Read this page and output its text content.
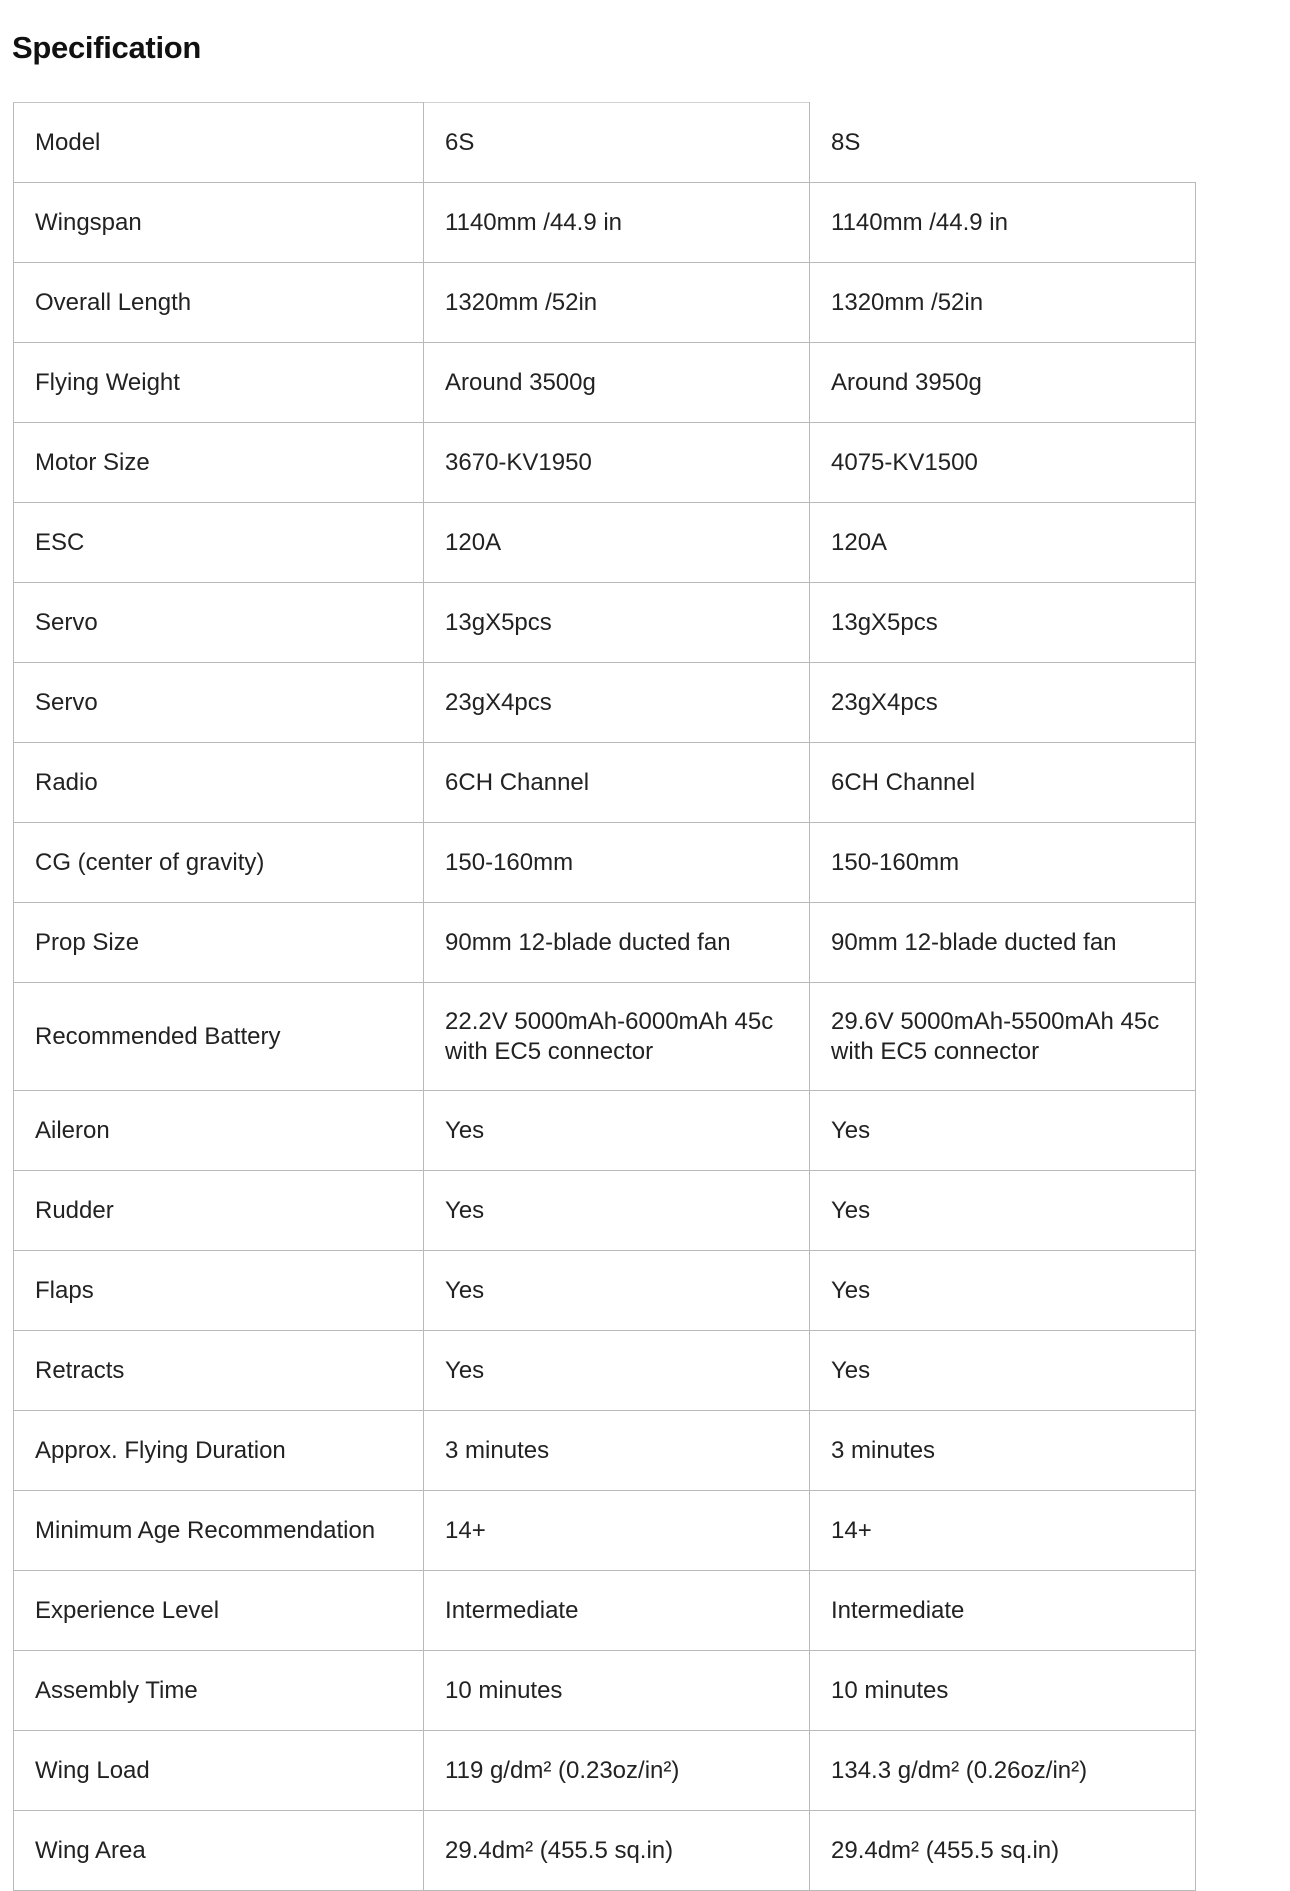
Specification
Model	6S	8S
Wingspan	1140mm /44.9 in	1140mm /44.9 in
Overall Length	1320mm /52in	1320mm /52in
Flying Weight	Around 3500g	Around 3950g
Motor Size	3670-KV1950	4075-KV1500
ESC	120A	120A
Servo	13gX5pcs	13gX5pcs
Servo	23gX4pcs	23gX4pcs
Radio	6CH Channel	6CH Channel
CG (center of gravity)	150-160mm	150-160mm
Prop Size	90mm 12-blade ducted fan	90mm 12-blade ducted fan
Recommended Battery	22.2V 5000mAh-6000mAh 45c with EC5 connector	29.6V 5000mAh-5500mAh 45c with EC5 connector
Aileron	Yes	Yes
Rudder	Yes	Yes
Flaps	Yes	Yes
Retracts	Yes	Yes
Approx. Flying Duration	3 minutes	3 minutes
Minimum Age Recommendation	14+	14+
Experience Level	Intermediate	Intermediate
Assembly Time	10 minutes	10 minutes
Wing Load	119 g/dm² (0.23oz/in²)	134.3 g/dm² (0.26oz/in²)
Wing Area	29.4dm² (455.5 sq.in)	29.4dm² (455.5 sq.in)
